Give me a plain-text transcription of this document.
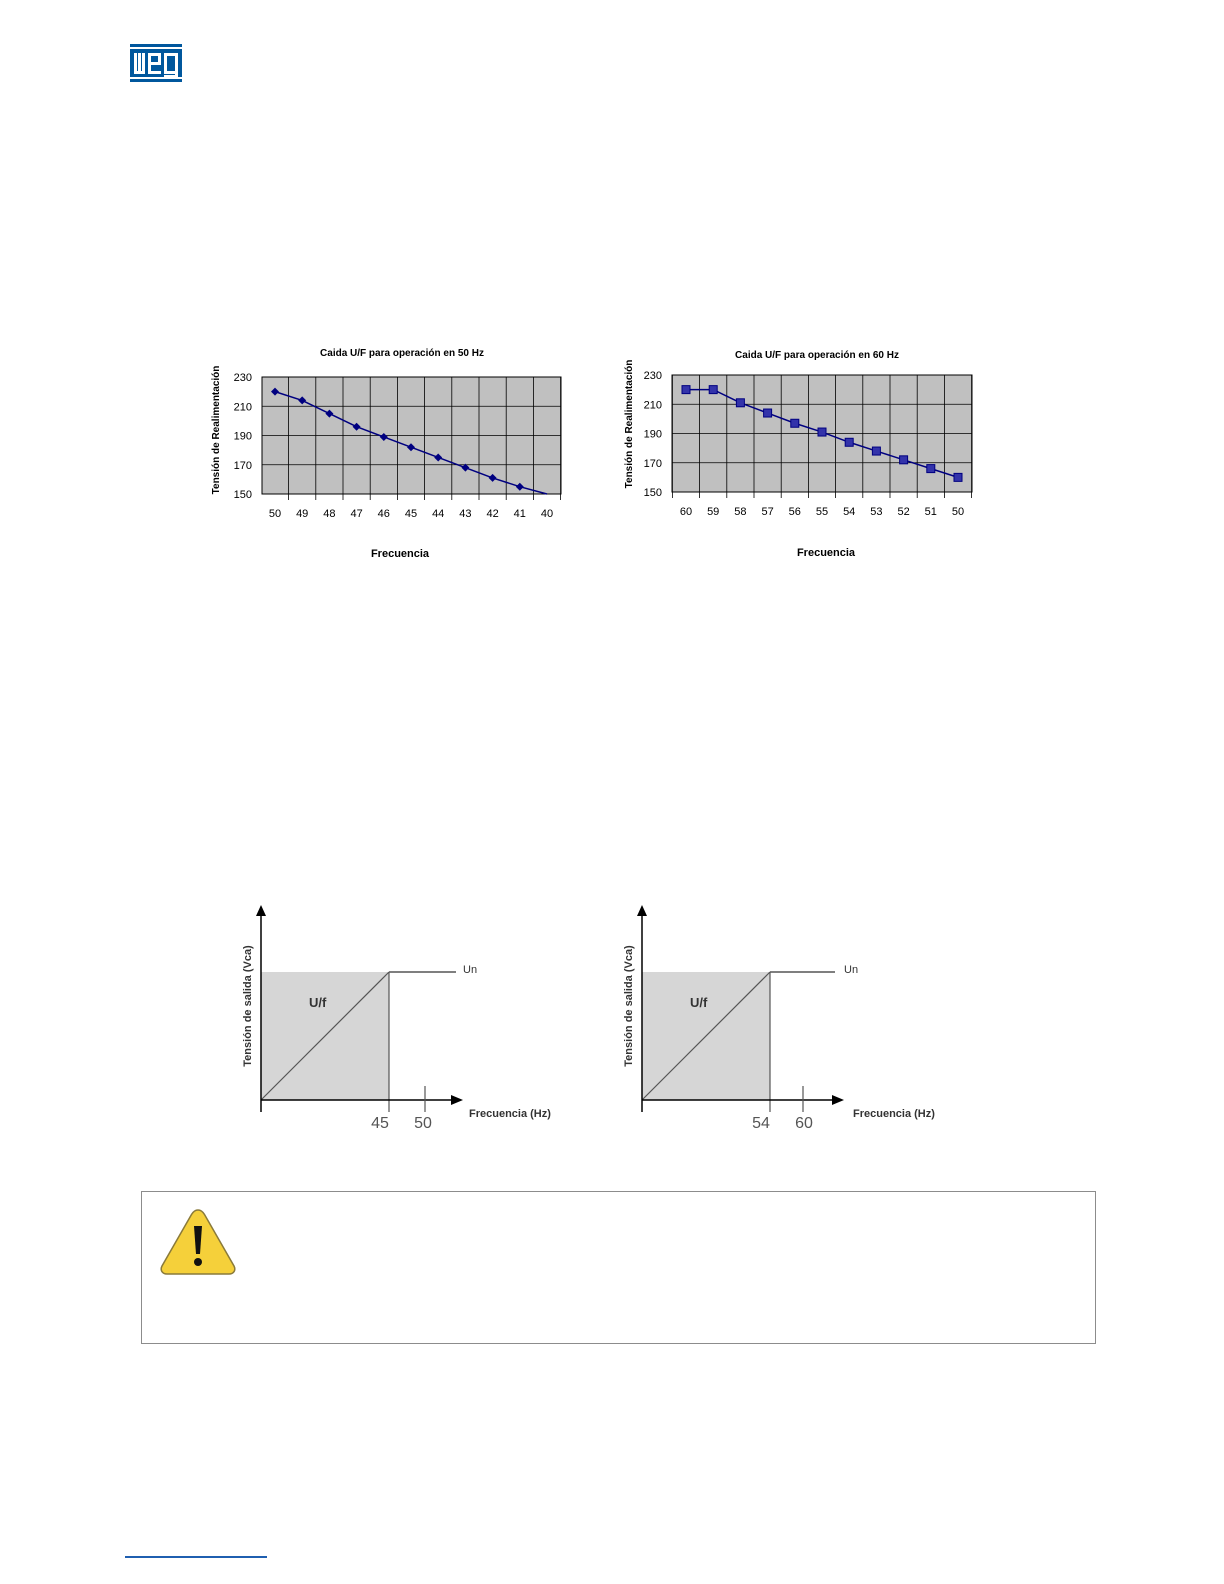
Caida U/F para operación en 50 Hz
Tensión de Realimentación
150
170
190
210
230
50 49 48 47 46 45 44 43 42 41 40
Frecuencia
Caida U/F para operación en 60 Hz
Tensión de Realimentación
150
170
190
210
230
60 59 58 57 56 55 54 53 52 51 50
Frecuencia
U/f
Un
Frecuencia (Hz)
45 50
Tensión de salida (Vca)	U/f
Un
Frecuencia (Hz)
54 60
Tensión de salida (Vca)
